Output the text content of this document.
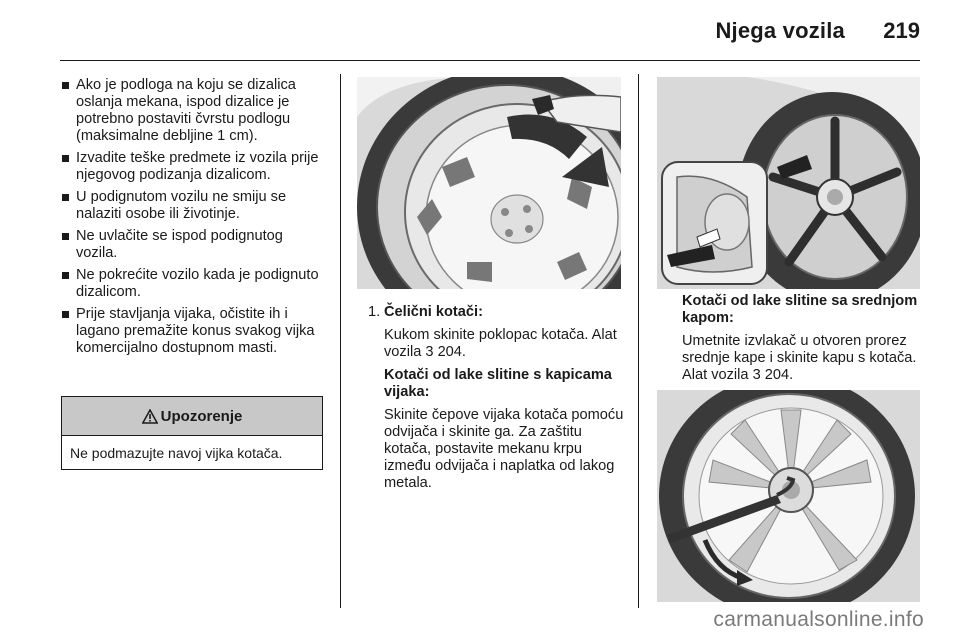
Njega vozila 219
Ako je podloga na koju se dizalica oslanja mekana, ispod dizalice je potrebno postaviti čvrstu podlogu (maksimalne debljine 1 cm).
Izvadite teške predmete iz vozila prije njegovog podizanja dizalicom.
U podignutom vozilu ne smiju se nalaziti osobe ili životinje.
Ne uvlačite se ispod podignutog vozila.
Ne pokrećite vozilo kada je podignuto dizalicom.
Prije stavljanja vijaka, očistite ih i lagano premažite konus svakog vijka komercijalno dostupnom masti.
Upozorenje
Ne podmazujte navoj vijka kotača.
1. Čelični kotači:

Kukom skinite poklopac kotača. Alat vozila 3 204.

Kotači od lake slitine s kapicama vijaka:

Skinite čepove vijaka kotača pomoću odvijača i skinite ga. Za zaštitu kotača, postavite mekanu krpu između odvijača i naplatka od lakog metala.

Kotači od lake slitine sa srednjom kapom:

Umetnite izvlakač u otvoren prorez srednje kape i skinite kapu s kotača. Alat vozila 3 204.

carmanualsonline.info
